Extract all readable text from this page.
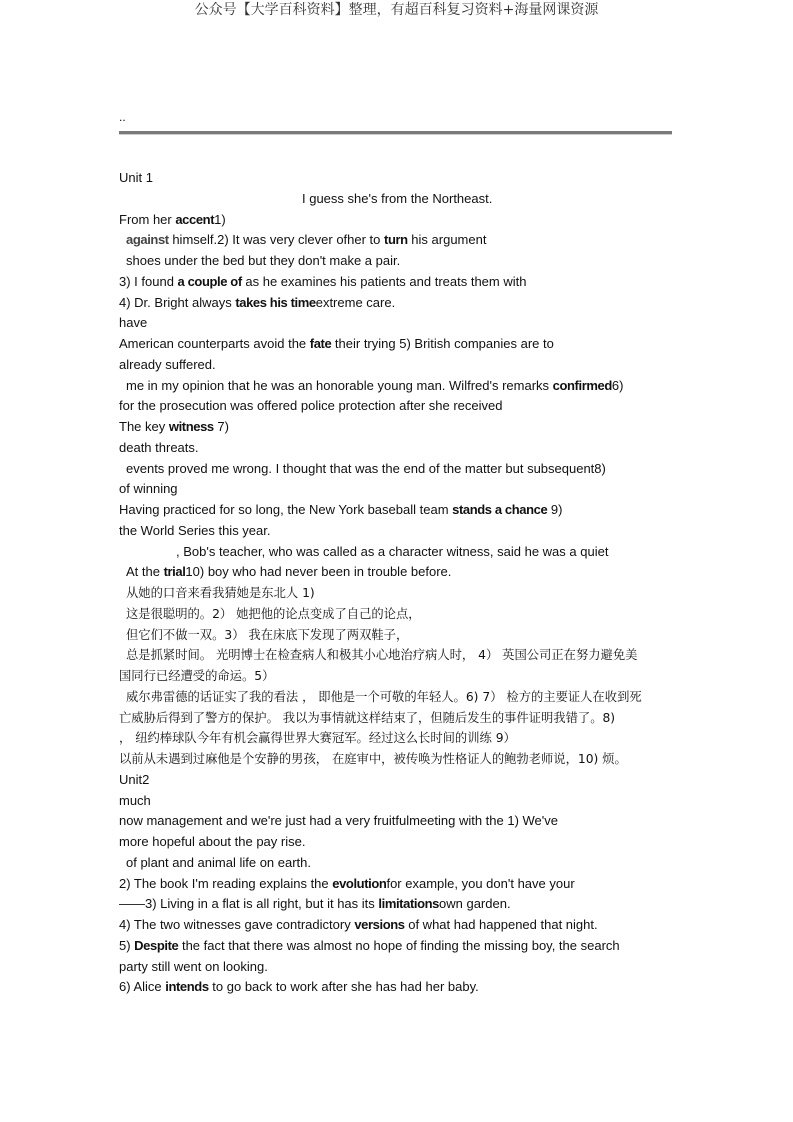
公众号【大学百科资料】整理，有超百科复习资料+海量网课资源
..
Unit 1
I guess she's from the Northeast.
From her accent1)
against himself.2) It was very clever ofher to turn his argument
shoes under the bed but they don't make a pair.
3) I found a couple of as he examines his patients and treats them with
4) Dr. Bright always takes his timeextreme care.
have
American counterparts avoid the fate their trying 5) British companies are to
already suffered.
me in my opinion that he was an honorable young man. Wilfred's remarks confirmed6)
for the prosecution was offered police protection after she received
The key witness 7)
death threats.
events proved me wrong. I thought that was the end of the matter but subsequent8)
of winning
Having practiced for so long, the New York baseball team stands a chance 9)
the World Series this year.
, Bob's teacher, who was called as a character witness, said he was a quiet
At the trial10) boy who had never been in trouble before.
从她的口音来看我猜她是东北人 1)
这是很聪明的。2） 她把他的论点变成了自己的论点，
但它们不做一双。3） 我在床底下发现了两双鞋子，
总是抓紧时间。 光明博士在检查病人和极其小心地治疗病人时， 4） 英国公司正在努力避免美
国同行已经遭受的命运。5）
威尔弗雷德的话证实了我的看法 ， 即他是一个可敬的年轻人。6) 7） 检方的主要证人在收到死
亡威胁后得到了警方的保护。 我以为事情就这样结束了，但随后发生的事件证明我错了。8)
， 纽约棒球队今年有机会赢得世界大赛冠军。经过这么长时间的训练 9）
以前从未遇到过麻他是个安静的男孩， 在庭审中，被传唤为性格证人的鲍勃老师说，10) 烦。
Unit2
much
now management and we're just had a very fruitfulmeeting with the 1) We've
more hopeful about the pay rise.
of plant and animal life on earth.
2) The book I'm reading explains the evolutionfor example, you don't have your
——3) Living in a flat is all right, but it has its limitationsown garden.
4) The two witnesses gave contradictory versions of what had happened that night.
5) Despite the fact that there was almost no hope of finding the missing boy, the search
party still went on looking.
6) Alice intends to go back to work after she has had her baby.
